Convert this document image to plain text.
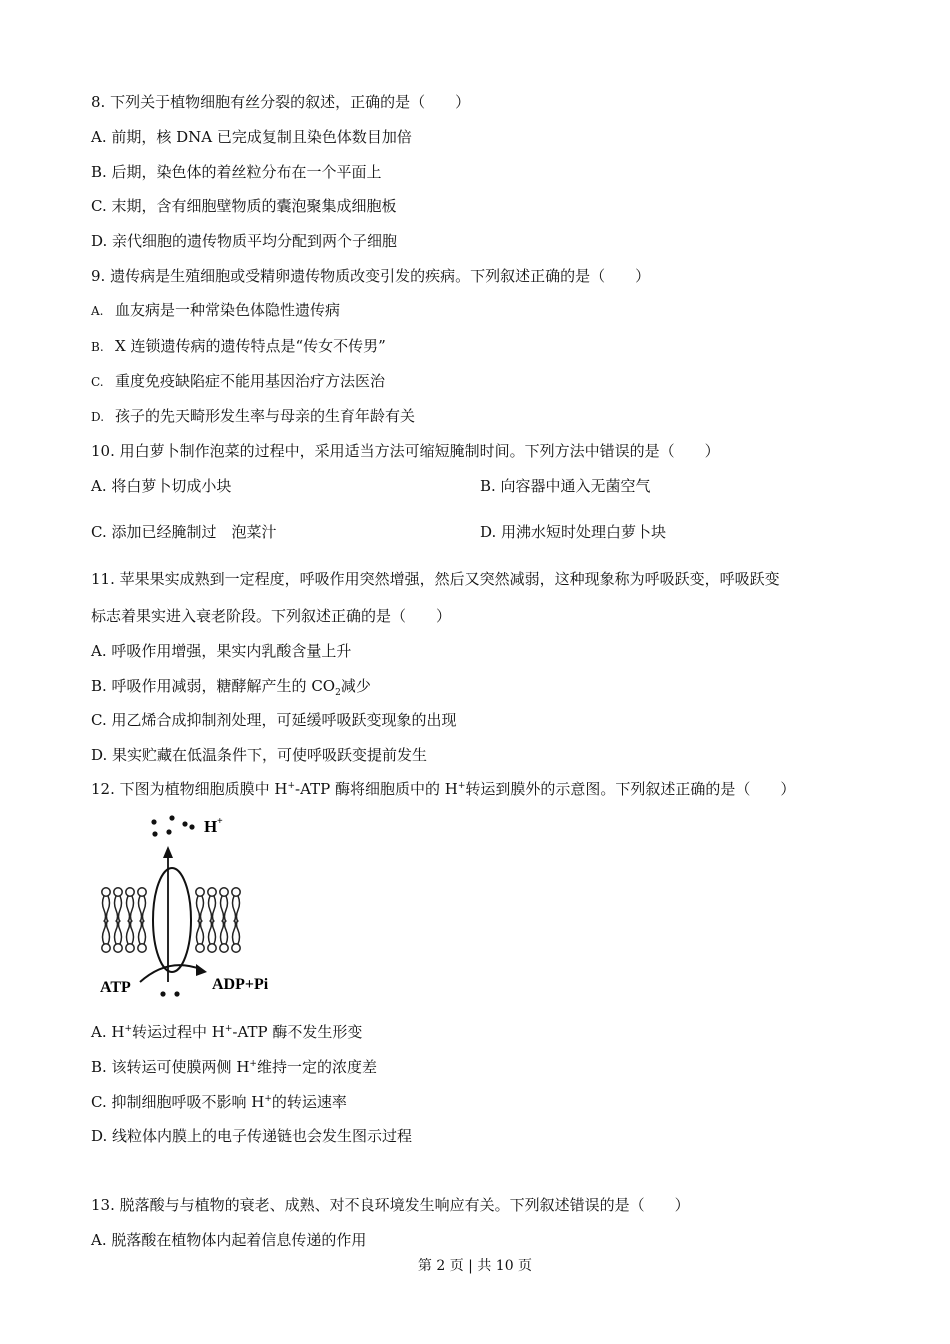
8. 下列关于植物细胞有丝分裂的叙述，正确的是（　　）
A. 前期，核 DNA 已完成复制且染色体数目加倍
B. 后期，染色体的着丝粒分布在一个平面上
C. 末期，含有细胞壁物质的囊泡聚集成细胞板
D. 亲代细胞的遗传物质平均分配到两个子细胞
9. 遗传病是生殖细胞或受精卵遗传物质改变引发的疾病。下列叙述正确的是（　　）
A. 血友病是一种常染色体隐性遗传病
B. X 连锁遗传病的遗传特点是“传女不传男”
C. 重度免疫缺陷症不能用基因治疗方法医治
D. 孩子的先天畸形发生率与母亲的生育年龄有关
10. 用白萝卜制作泡菜的过程中，采用适当方法可缩短腌制时间。下列方法中错误的是（　　）
A. 将白萝卜切成小块	B. 向容器中通入无菌空气
C. 添加已经腌制过　泡菜汁	D. 用沸水短时处理白萝卜块
11. 苹果果实成熟到一定程度，呼吸作用突然增强，然后又突然减弱，这种现象称为呼吸跃变，呼吸跃变
标志着果实进入衰老阶段。下列叙述正确的是（　　）
A. 呼吸作用增强，果实内乳酸含量上升
B. 呼吸作用减弱，糖酵解产生的 $CO_2$减少
C. 用乙烯合成抑制剂处理，可延缓呼吸跃变现象的出现
D. 果实贮藏在低温条件下，可使呼吸跃变提前发生
12. 下图为植物细胞质膜中 H+-ATP 酶将细胞质中的 H+转运到膜外的示意图。下列叙述正确的是（　　）
H +
ATP	ADP+Pi
A. H+转运过程中 H+-ATP 酶不发生形变
B. 该转运可使膜两侧 H+维持一定的浓度差
C. 抑制细胞呼吸不影响 H+的转运速率
D. 线粒体内膜上的电子传递链也会发生图示过程
13. 脱落酸与与植物的衰老、成熟、对不良环境发生响应有关。下列叙述错误的是（　　）
A. 脱落酸在植物体内起着信息传递的作用
第 2 页 | 共 10 页
